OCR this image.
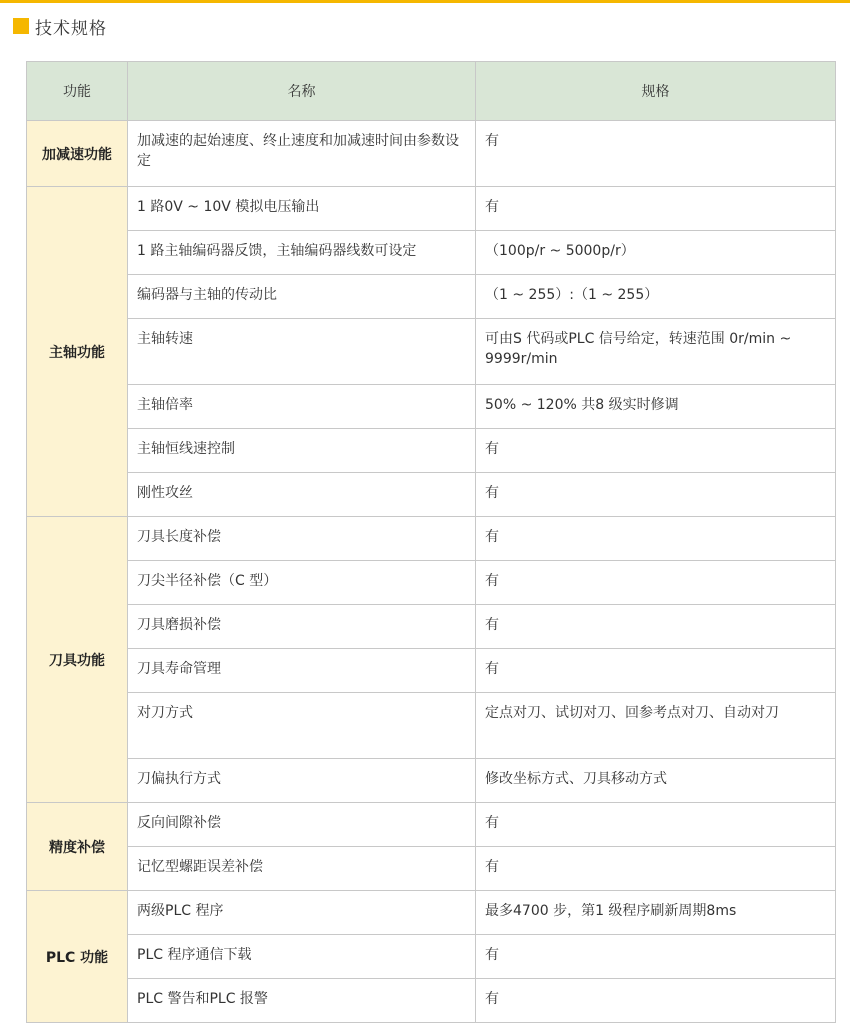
技术规格
功能	名称	规格
加减速功能	加减速的起始速度、终止速度和加减速时间由参数设定	有
主轴功能	1 路0V ~ 10V 模拟电压输出	有
	1 路主轴编码器反馈，主轴编码器线数可设定	（100p/r ~ 5000p/r）
	编码器与主轴的传动比	（1 ~ 255）:（1 ~ 255）
	主轴转速	可由S 代码或PLC 信号给定，转速范围 0r/min ~ 9999r/min
	主轴倍率	50% ~ 120% 共8 级实时修调
	主轴恒线速控制	有
	刚性攻丝	有
刀具功能	刀具长度补偿	有
	刀尖半径补偿（C 型）	有
	刀具磨损补偿	有
	刀具寿命管理	有
	对刀方式	定点对刀、试切对刀、回参考点对刀、自动对刀
	刀偏执行方式	修改坐标方式、刀具移动方式
精度补偿	反向间隙补偿	有
	记忆型螺距误差补偿	有
PLC 功能	两级PLC 程序	最多4700 步，第1 级程序刷新周期8ms
	PLC 程序通信下载	有
	PLC 警告和PLC 报警	有
